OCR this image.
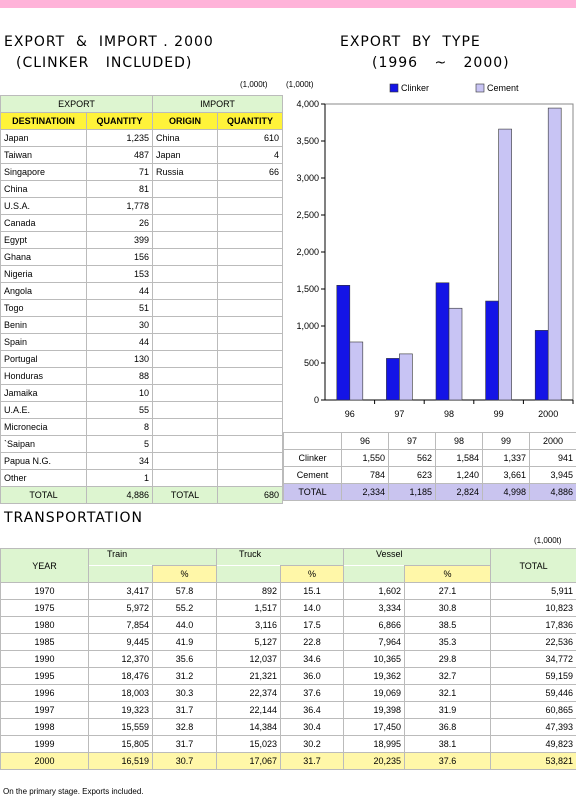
EXPORT  &  IMPORT . 2000
(CLINKER   INCLUDED)
EXPORT  BY  TYPE
(1996   ~   2000)
(1,000t) (1,000t)
EXPORT		IMPORT	
DESTINATIOIN	QUANTITY	ORIGIN	QUANTITY
Japan	1,235	China	610
Taiwan	487	Japan	4
Singapore	71	Russia	66
China	81		
U.S.A.	1,778		
Canada	26		
Egypt	399		
Ghana	156		
Nigeria	153		
Angola	44		
Togo	51		
Benin	30		
Spain	44		
Portugal	130		
Honduras	88		
Jamaika	10		
U.A.E.	55		
Micronecia	8		
`Saipan	5		
Papua N.G.	34		
Other	1		
TOTAL	4,886	TOTAL	680
0
500
1,000
1,500
2,000
2,500
3,000
3,500
4,000
96	97	98	99	2000
Clinker	Cement
	96	97	98	99	2000
Clinker	1,550	562	1,584	1,337	941
Cement	784	623	1,240	3,661	3,945
TOTAL	2,334	1,185	2,824	4,998	4,886
TRANSPORTATION
(1,000t)
YEAR	Train		Truck		Vessel		TOTAL
		%		%		%	
1970	3,417	57.8	892	15.1	1,602	27.1	5,911
1975	5,972	55.2	1,517	14.0	3,334	30.8	10,823
1980	7,854	44.0	3,116	17.5	6,866	38.5	17,836
1985	9,445	41.9	5,127	22.8	7,964	35.3	22,536
1990	12,370	35.6	12,037	34.6	10,365	29.8	34,772
1995	18,476	31.2	21,321	36.0	19,362	32.7	59,159
1996	18,003	30.3	22,374	37.6	19,069	32.1	59,446
1997	19,323	31.7	22,144	36.4	19,398	31.9	60,865
1998	15,559	32.8	14,384	30.4	17,450	36.8	47,393
1999	15,805	31.7	15,023	30.2	18,995	38.1	49,823
2000	16,519	30.7	17,067	31.7	20,235	37.6	53,821
On the primary stage. Exports included.
